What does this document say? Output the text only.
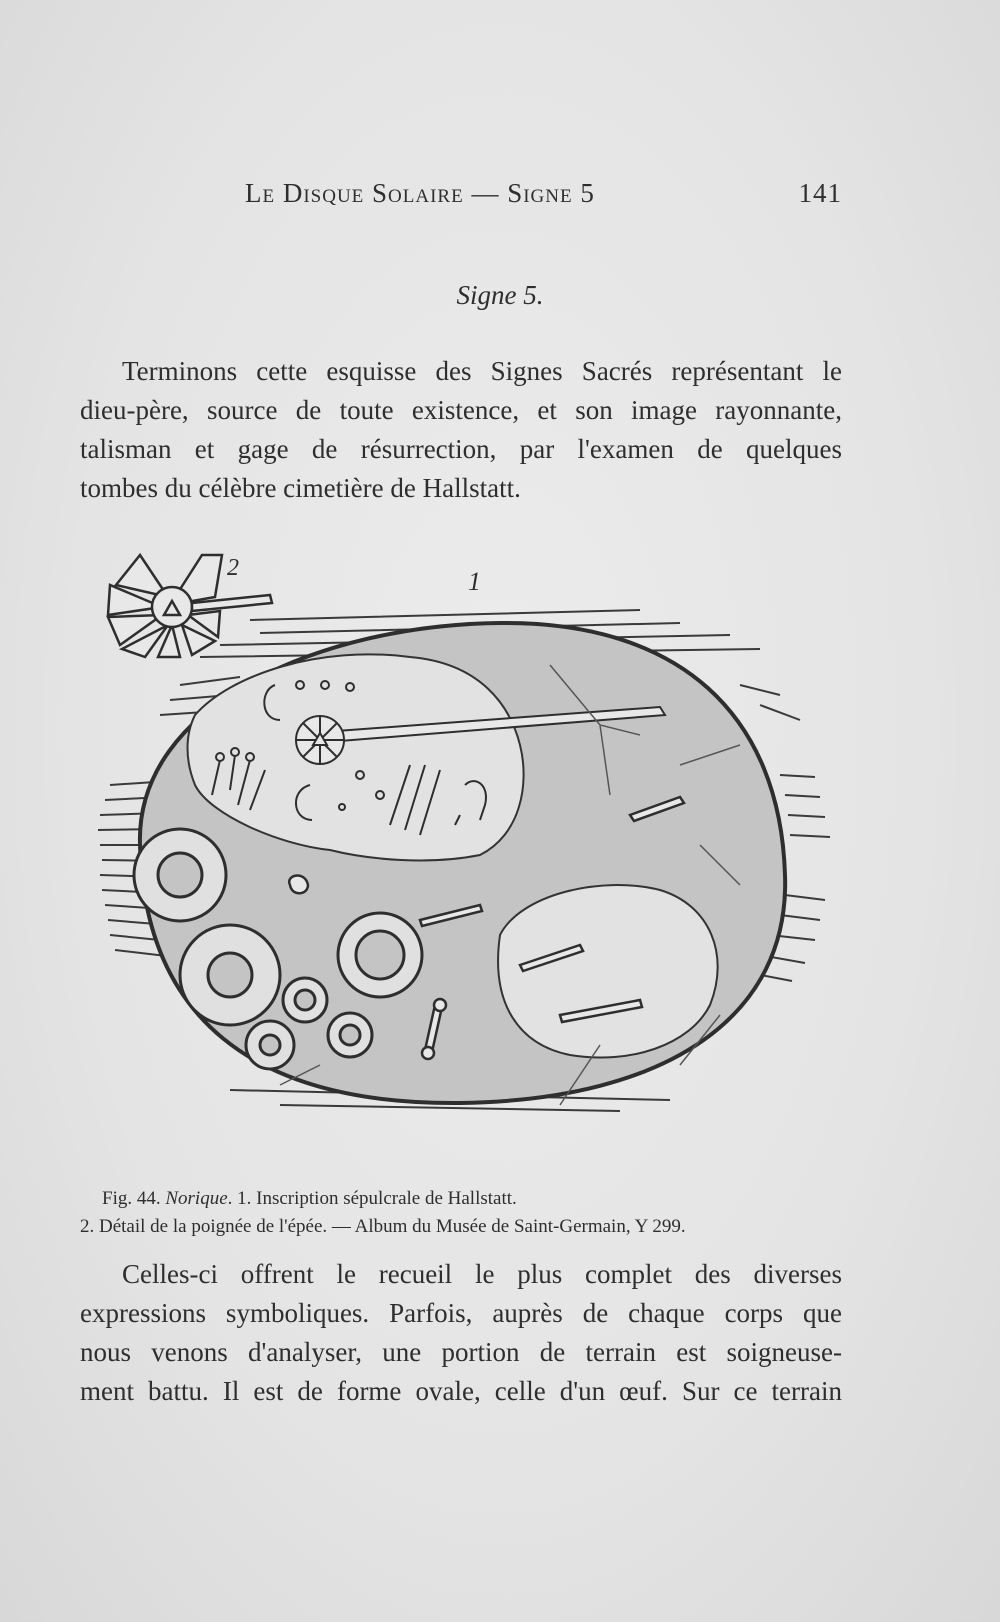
Le Disque Solaire — Signe 5	141
Signe 5.

Terminons cette esquisse des Signes Sacrés représentant le
dieu-père, source de toute existence, et son image rayonnante,
talisman et gage de résurrection, par l'examen de quelques
tombes du célèbre cimetière de Hallstatt.

2	1
Fig. 44. Norique. 1. Inscription sépulcrale de Hallstatt.
2. Détail de la poignée de l'épée. — Album du Musée de Saint-Germain, Y 299.

Celles-ci offrent le recueil le plus complet des diverses
expressions symboliques. Parfois, auprès de chaque corps que
nous venons d'analyser, une portion de terrain est soigneuse-
ment battu. Il est de forme ovale, celle d'un œuf. Sur ce terrain
